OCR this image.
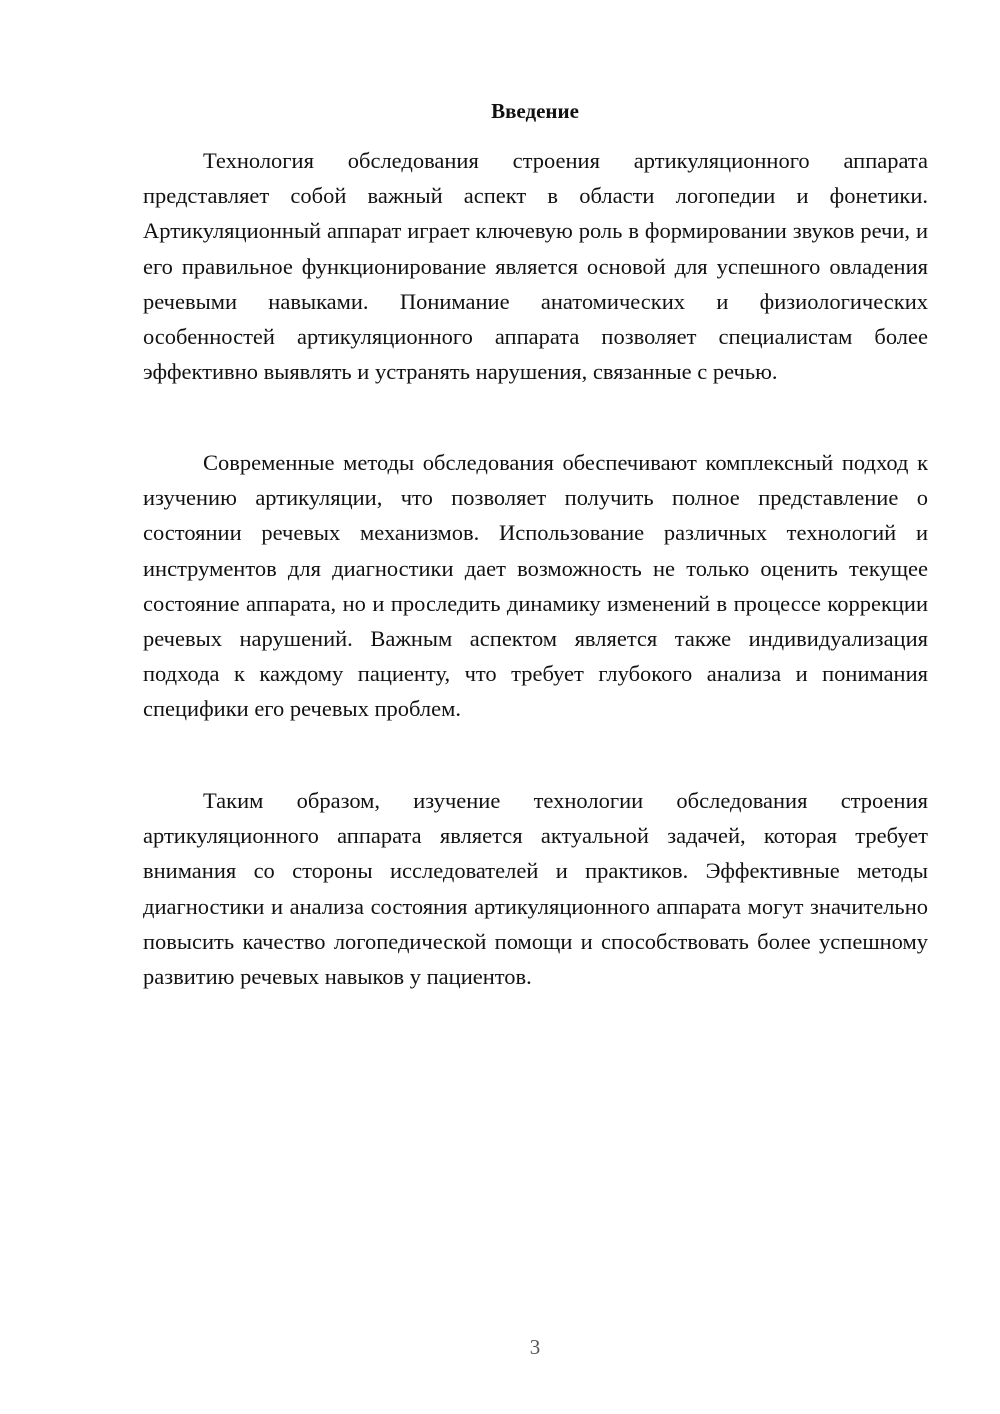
Введение

Технология обследования строения артикуляционного аппарата представляет собой важный аспект в области логопедии и фонетики. Артикуляционный аппарат играет ключевую роль в формировании звуков речи, и его правильное функционирование является основой для успешного овладения речевыми навыками. Понимание анатомических и физиологических особенностей артикуляционного аппарата позволяет специалистам более эффективно выявлять и устранять нарушения, связанные с речью.

Современные методы обследования обеспечивают комплексный подход к изучению артикуляции, что позволяет получить полное представление о состоянии речевых механизмов. Использование различных технологий и инструментов для диагностики дает возможность не только оценить текущее состояние аппарата, но и проследить динамику изменений в процессе коррекции речевых нарушений. Важным аспектом является также индивидуализация подхода к каждому пациенту, что требует глубокого анализа и понимания специфики его речевых проблем.

Таким образом, изучение технологии обследования строения артикуляционного аппарата является актуальной задачей, которая требует внимания со стороны исследователей и практиков. Эффективные методы диагностики и анализа состояния артикуляционного аппарата могут значительно повысить качество логопедической помощи и способствовать более успешному развитию речевых навыков у пациентов.

3
